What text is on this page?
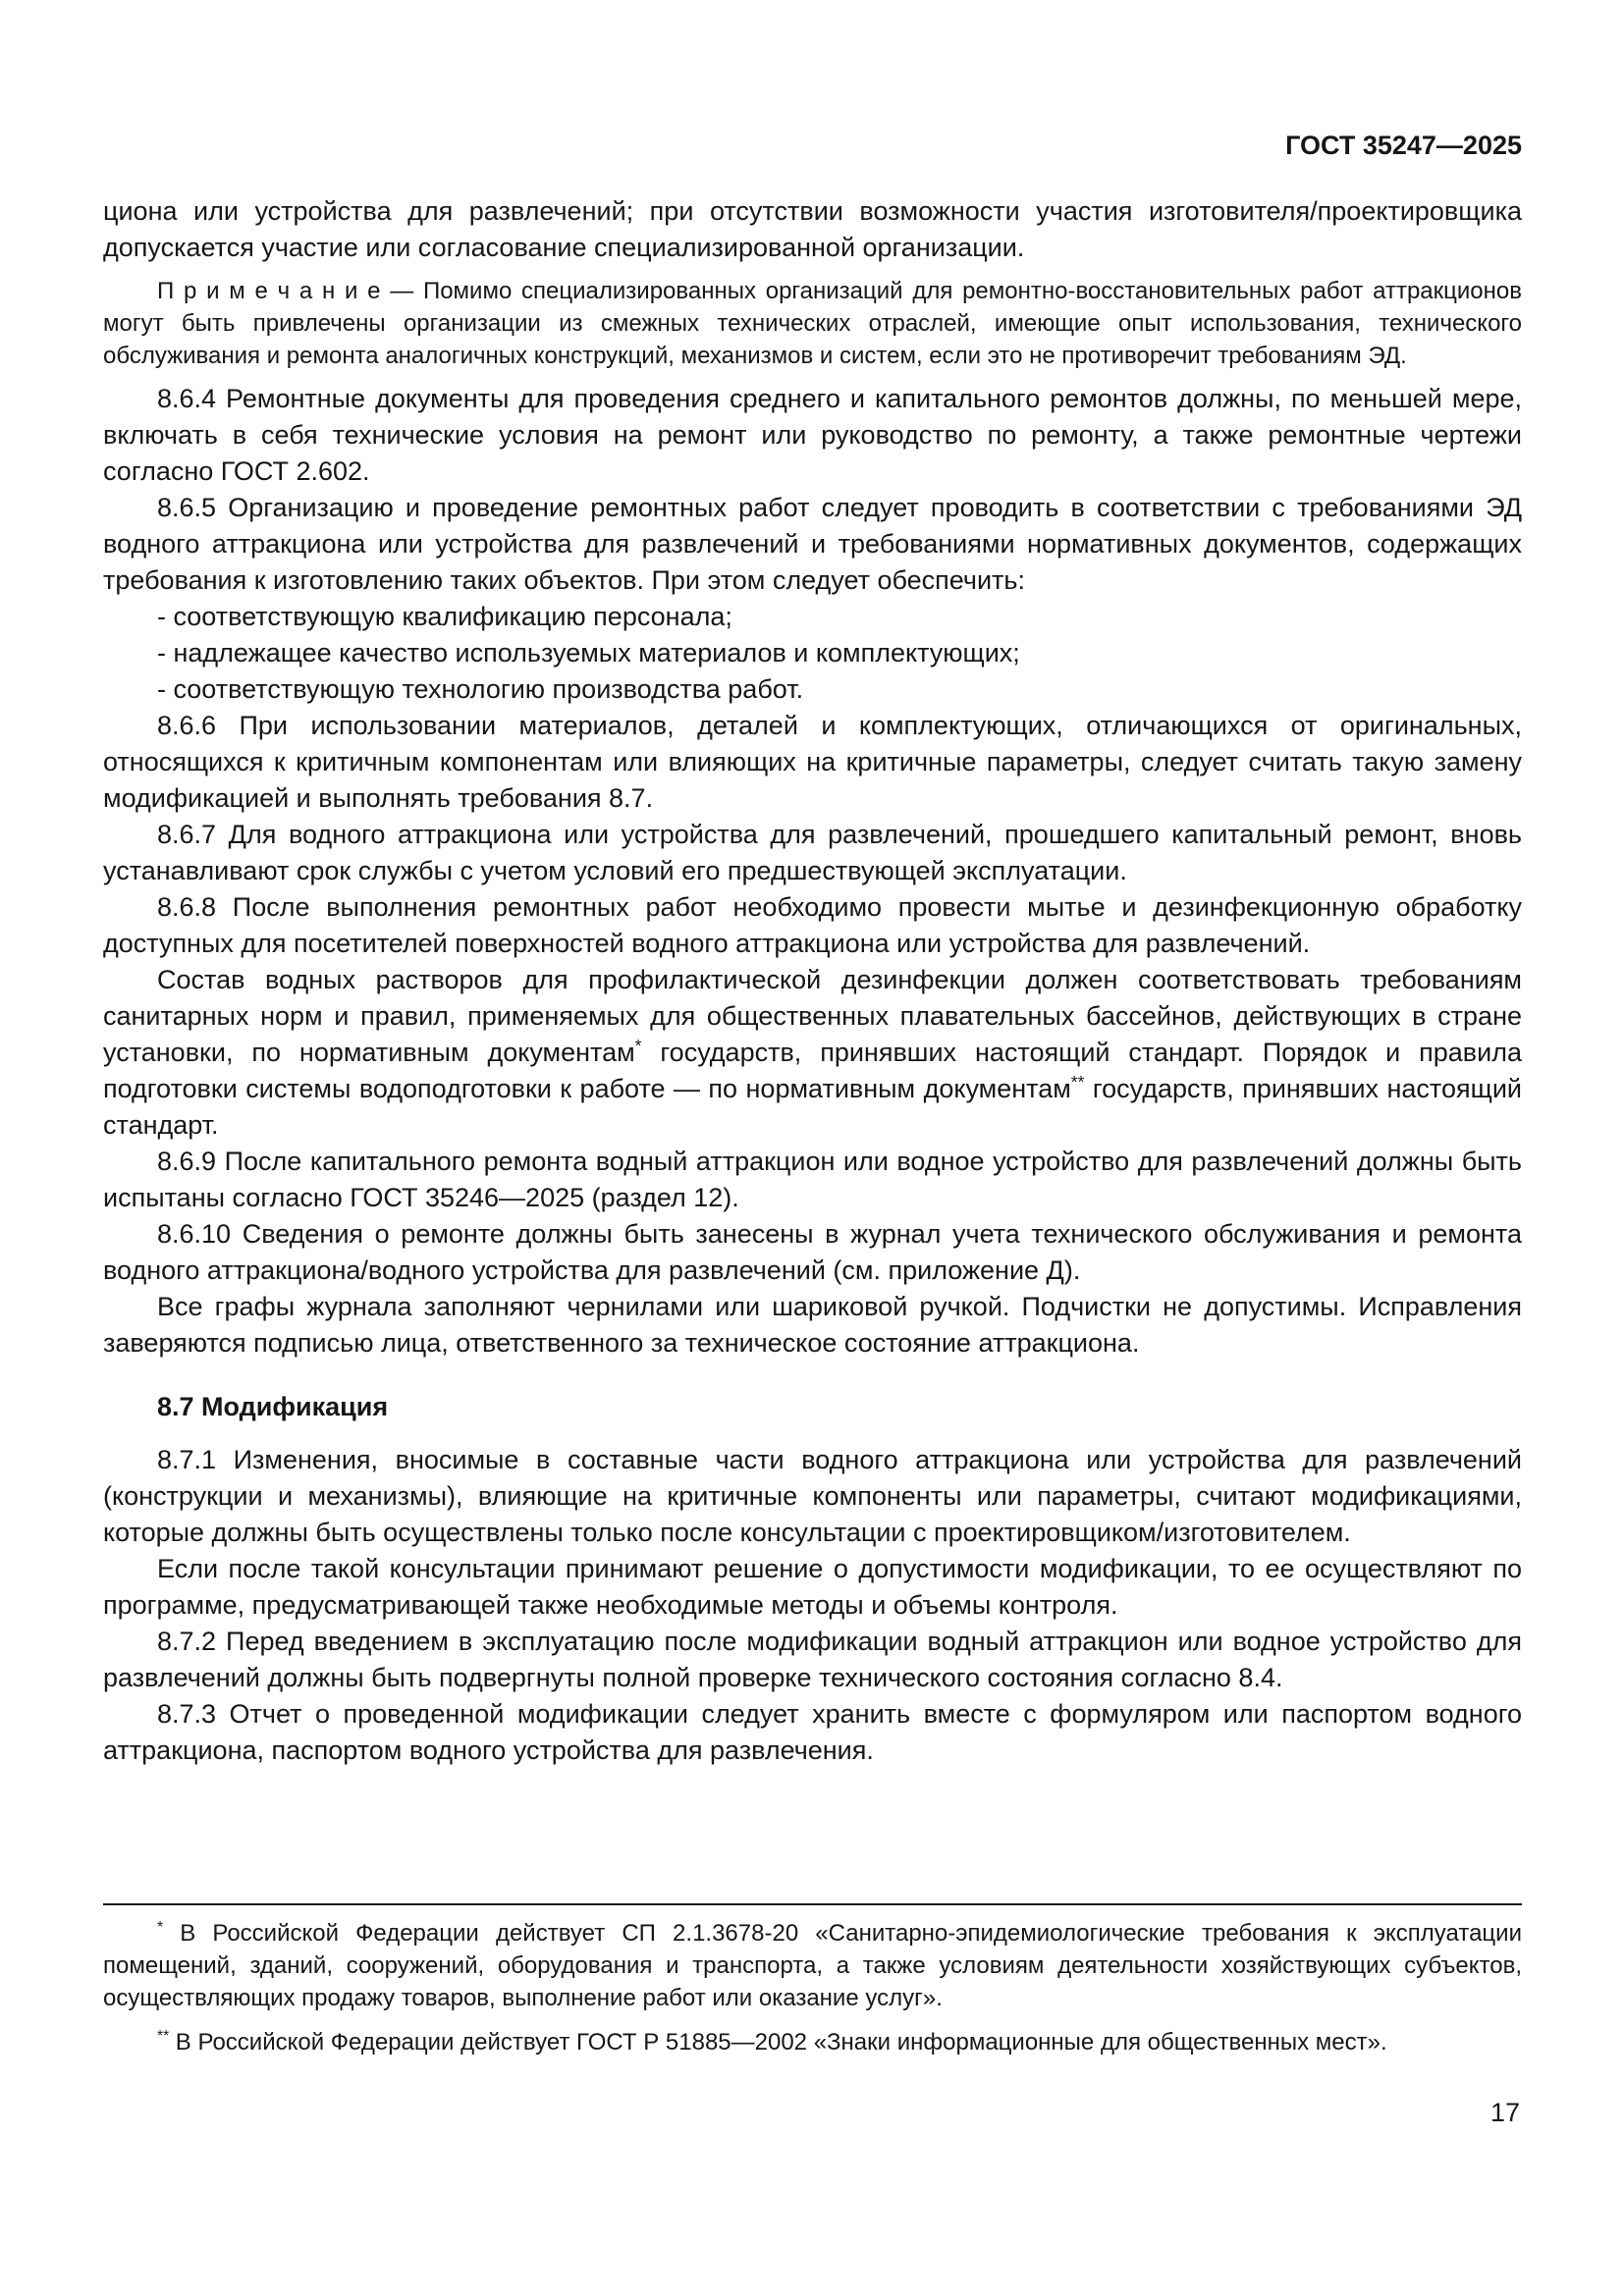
ГОСТ 35247—2025

циона или устройства для развлечений; при отсутствии возможности участия изготовителя/проектировщика допускается участие или согласование специализированной организации.

П р и м е ч а н и е — Помимо специализированных организаций для ремонтно-восстановительных работ аттракционов могут быть привлечены организации из смежных технических отраслей, имеющие опыт использования, технического обслуживания и ремонта аналогичных конструкций, механизмов и систем, если это не противоречит требованиям ЭД.

8.6.4 Ремонтные документы для проведения среднего и капитального ремонтов должны, по меньшей мере, включать в себя технические условия на ремонт или руководство по ремонту, а также ремонтные чертежи согласно ГОСТ 2.602.

8.6.5 Организацию и проведение ремонтных работ следует проводить в соответствии с требованиями ЭД водного аттракциона или устройства для развлечений и требованиями нормативных документов, содержащих требования к изготовлению таких объектов. При этом следует обеспечить:

- соответствующую квалификацию персонала;

- надлежащее качество используемых материалов и комплектующих;

- соответствующую технологию производства работ.

8.6.6 При использовании материалов, деталей и комплектующих, отличающихся от оригинальных, относящихся к критичным компонентам или влияющих на критичные параметры, следует считать такую замену модификацией и выполнять требования 8.7.

8.6.7 Для водного аттракциона или устройства для развлечений, прошедшего капитальный ремонт, вновь устанавливают срок службы с учетом условий его предшествующей эксплуатации.

8.6.8 После выполнения ремонтных работ необходимо провести мытье и дезинфекционную обработку доступных для посетителей поверхностей водного аттракциона или устройства для развлечений.

Состав водных растворов для профилактической дезинфекции должен соответствовать требованиям санитарных норм и правил, применяемых для общественных плавательных бассейнов, действующих в стране установки, по нормативным документам* государств, принявших настоящий стандарт. Порядок и правила подготовки системы водоподготовки к работе — по нормативным документам** государств, принявших настоящий стандарт.

8.6.9 После капитального ремонта водный аттракцион или водное устройство для развлечений должны быть испытаны согласно ГОСТ 35246—2025 (раздел 12).

8.6.10 Сведения о ремонте должны быть занесены в журнал учета технического обслуживания и ремонта водного аттракциона/водного устройства для развлечений (см. приложение Д).

Все графы журнала заполняют чернилами или шариковой ручкой. Подчистки не допустимы. Исправления заверяются подписью лица, ответственного за техническое состояние аттракциона.

8.7 Модификация

8.7.1 Изменения, вносимые в составные части водного аттракциона или устройства для развлечений (конструкции и механизмы), влияющие на критичные компоненты или параметры, считают модификациями, которые должны быть осуществлены только после консультации с проектировщиком/изготовителем.

Если после такой консультации принимают решение о допустимости модификации, то ее осуществляют по программе, предусматривающей также необходимые методы и объемы контроля.

8.7.2 Перед введением в эксплуатацию после модификации водный аттракцион или водное устройство для развлечений должны быть подвергнуты полной проверке технического состояния согласно 8.4.

8.7.3 Отчет о проведенной модификации следует хранить вместе с формуляром или паспортом водного аттракциона, паспортом водного устройства для развлечения.

* В Российской Федерации действует СП 2.1.3678-20 «Санитарно-эпидемиологические требования к эксплуатации помещений, зданий, сооружений, оборудования и транспорта, а также условиям деятельности хозяйствующих субъектов, осуществляющих продажу товаров, выполнение работ или оказание услуг».

** В Российской Федерации действует ГОСТ Р 51885—2002 «Знаки информационные для общественных мест».

17
